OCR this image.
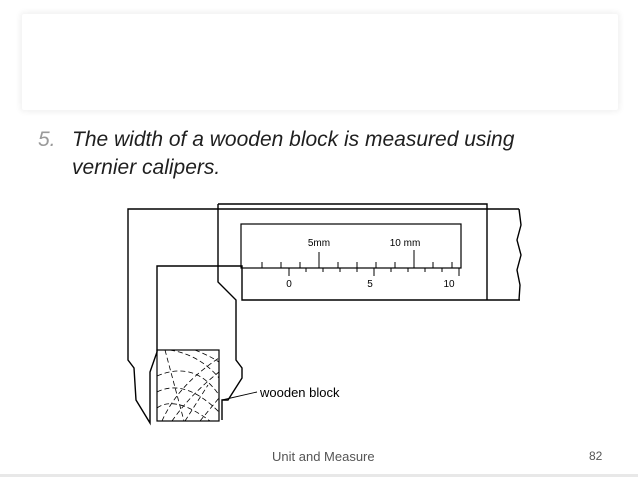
5. The width of a wooden block is measured using
vernier calipers.
5mm	10 mm
0	5	10
wooden block
Unit and Measure	82
